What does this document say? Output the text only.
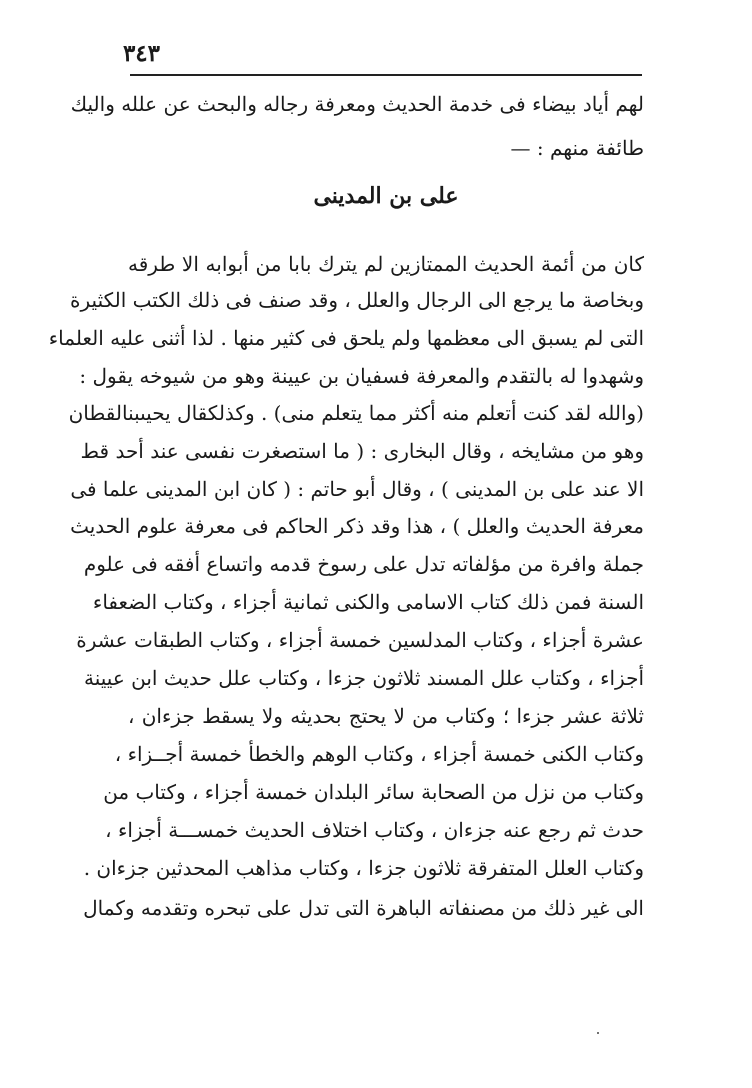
٣٤٣
لهم أياد بيضاء فى خدمة الحديث ومعرفة رجاله والبحث عن علله واليك
طائفة منهم : —
على بن المدينى
كان من أئمة الحديث الممتازين لم يترك بابا من أبوابه الا طرقه
وبخاصة ما يرجع الى الرجال والعلل ، وقد صنف فى ذلك الكتب الكثيرة
التى لم يسبق الى معظمها ولم يلحق فى كثير منها . لذا أثنى عليه العلماء
وشهدوا له بالتقدم والمعرفة فسفيان بن عيينة وهو من شيوخه يقول :
(والله لقد كنت أتعلم منه أكثر مما يتعلم منى) . وكذلكقال يحيىبنالقطان
وهو من مشايخه ، وقال البخارى : ( ما استصغرت نفسى عند أحد قط
الا عند على بن المدينى ) ، وقال أبو حاتم : ( كان ابن المدينى علما فى
معرفة الحديث والعلل ) ، هذا وقد ذكر الحاكم فى معرفة علوم الحديث
جملة وافرة من مؤلفاته تدل على رسوخ قدمه واتساع أفقه فى علوم
السنة فمن ذلك كتاب الاسامى والكنى ثمانية أجزاء ، وكتاب الضعفاء
عشرة أجزاء ، وكتاب المدلسين خمسة أجزاء ، وكتاب الطبقات عشرة
أجزاء ، وكتاب علل المسند ثلاثون جزءا ، وكتاب علل حديث ابن عيينة
ثلاثة عشر جزءا ؛ وكتاب من لا يحتج بحديثه ولا يسقط جزءان ،
وكتاب الكنى خمسة أجزاء ، وكتاب الوهم والخطأ خمسة أجــزاء ،
وكتاب من نزل من الصحابة سائر البلدان خمسة أجزاء ، وكتاب من
حدث ثم رجع عنه جزءان ، وكتاب اختلاف الحديث خمســـة أجزاء ،
وكتاب العلل المتفرقة ثلاثون جزءا ، وكتاب مذاهب المحدثين جزءان .
الى غير ذلك من مصنفاته الباهرة التى تدل على تبحره وتقدمه وكمال
